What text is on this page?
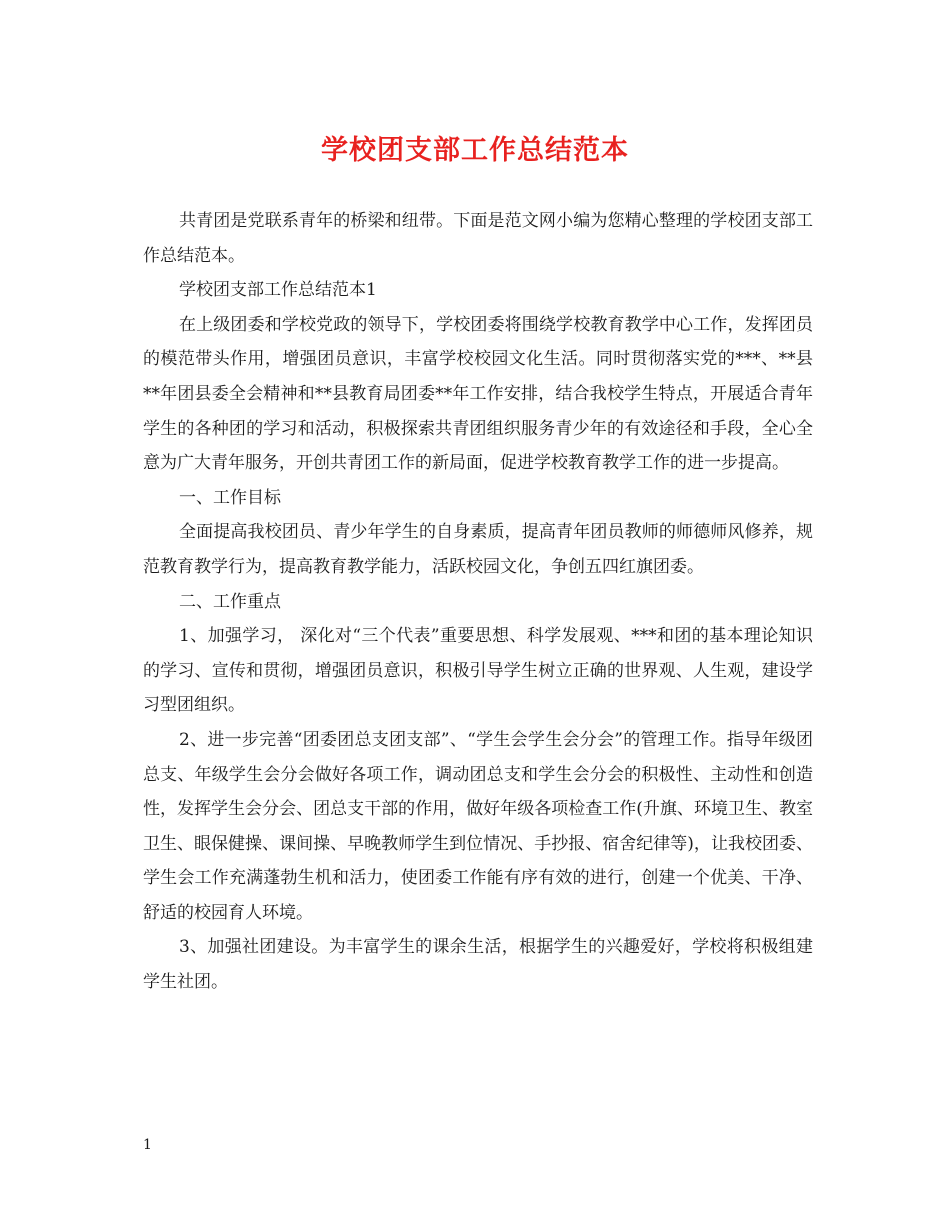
学校团支部工作总结范本

共青团是党联系青年的桥梁和纽带。下面是范文网小编为您精心整理的学校团支部工作总结范本。

学校团支部工作总结范本1

在上级团委和学校党政的领导下，学校团委将围绕学校教育教学中心工作，发挥团员的模范带头作用，增强团员意识，丰富学校校园文化生活。同时贯彻落实党的***、**县**年团县委全会精神和**县教育局团委**年工作安排，结合我校学生特点，开展适合青年学生的各种团的学习和活动，积极探索共青团组织服务青少年的有效途径和手段，全心全意为广大青年服务，开创共青团工作的新局面，促进学校教育教学工作的进一步提高。

一、工作目标

全面提高我校团员、青少年学生的自身素质，提高青年团员教师的师德师风修养，规范教育教学行为，提高教育教学能力，活跃校园文化，争创五四红旗团委。

二、工作重点

1、加强学习， 深化对“三个代表”重要思想、科学发展观、***和团的基本理论知识的学习、宣传和贯彻，增强团员意识，积极引导学生树立正确的世界观、人生观，建设学习型团组织。

2、进一步完善“团委团总支团支部”、“学生会学生会分会”的管理工作。指导年级团总支、年级学生会分会做好各项工作，调动团总支和学生会分会的积极性、主动性和创造性，发挥学生会分会、团总支干部的作用，做好年级各项检查工作(升旗、环境卫生、教室卫生、眼保健操、课间操、早晚教师学生到位情况、手抄报、宿舍纪律等)，让我校团委、学生会工作充满蓬勃生机和活力，使团委工作能有序有效的进行，创建一个优美、干净、舒适的校园育人环境。

3、加强社团建设。为丰富学生的课余生活，根据学生的兴趣爱好，学校将积极组建学生社团。

1
